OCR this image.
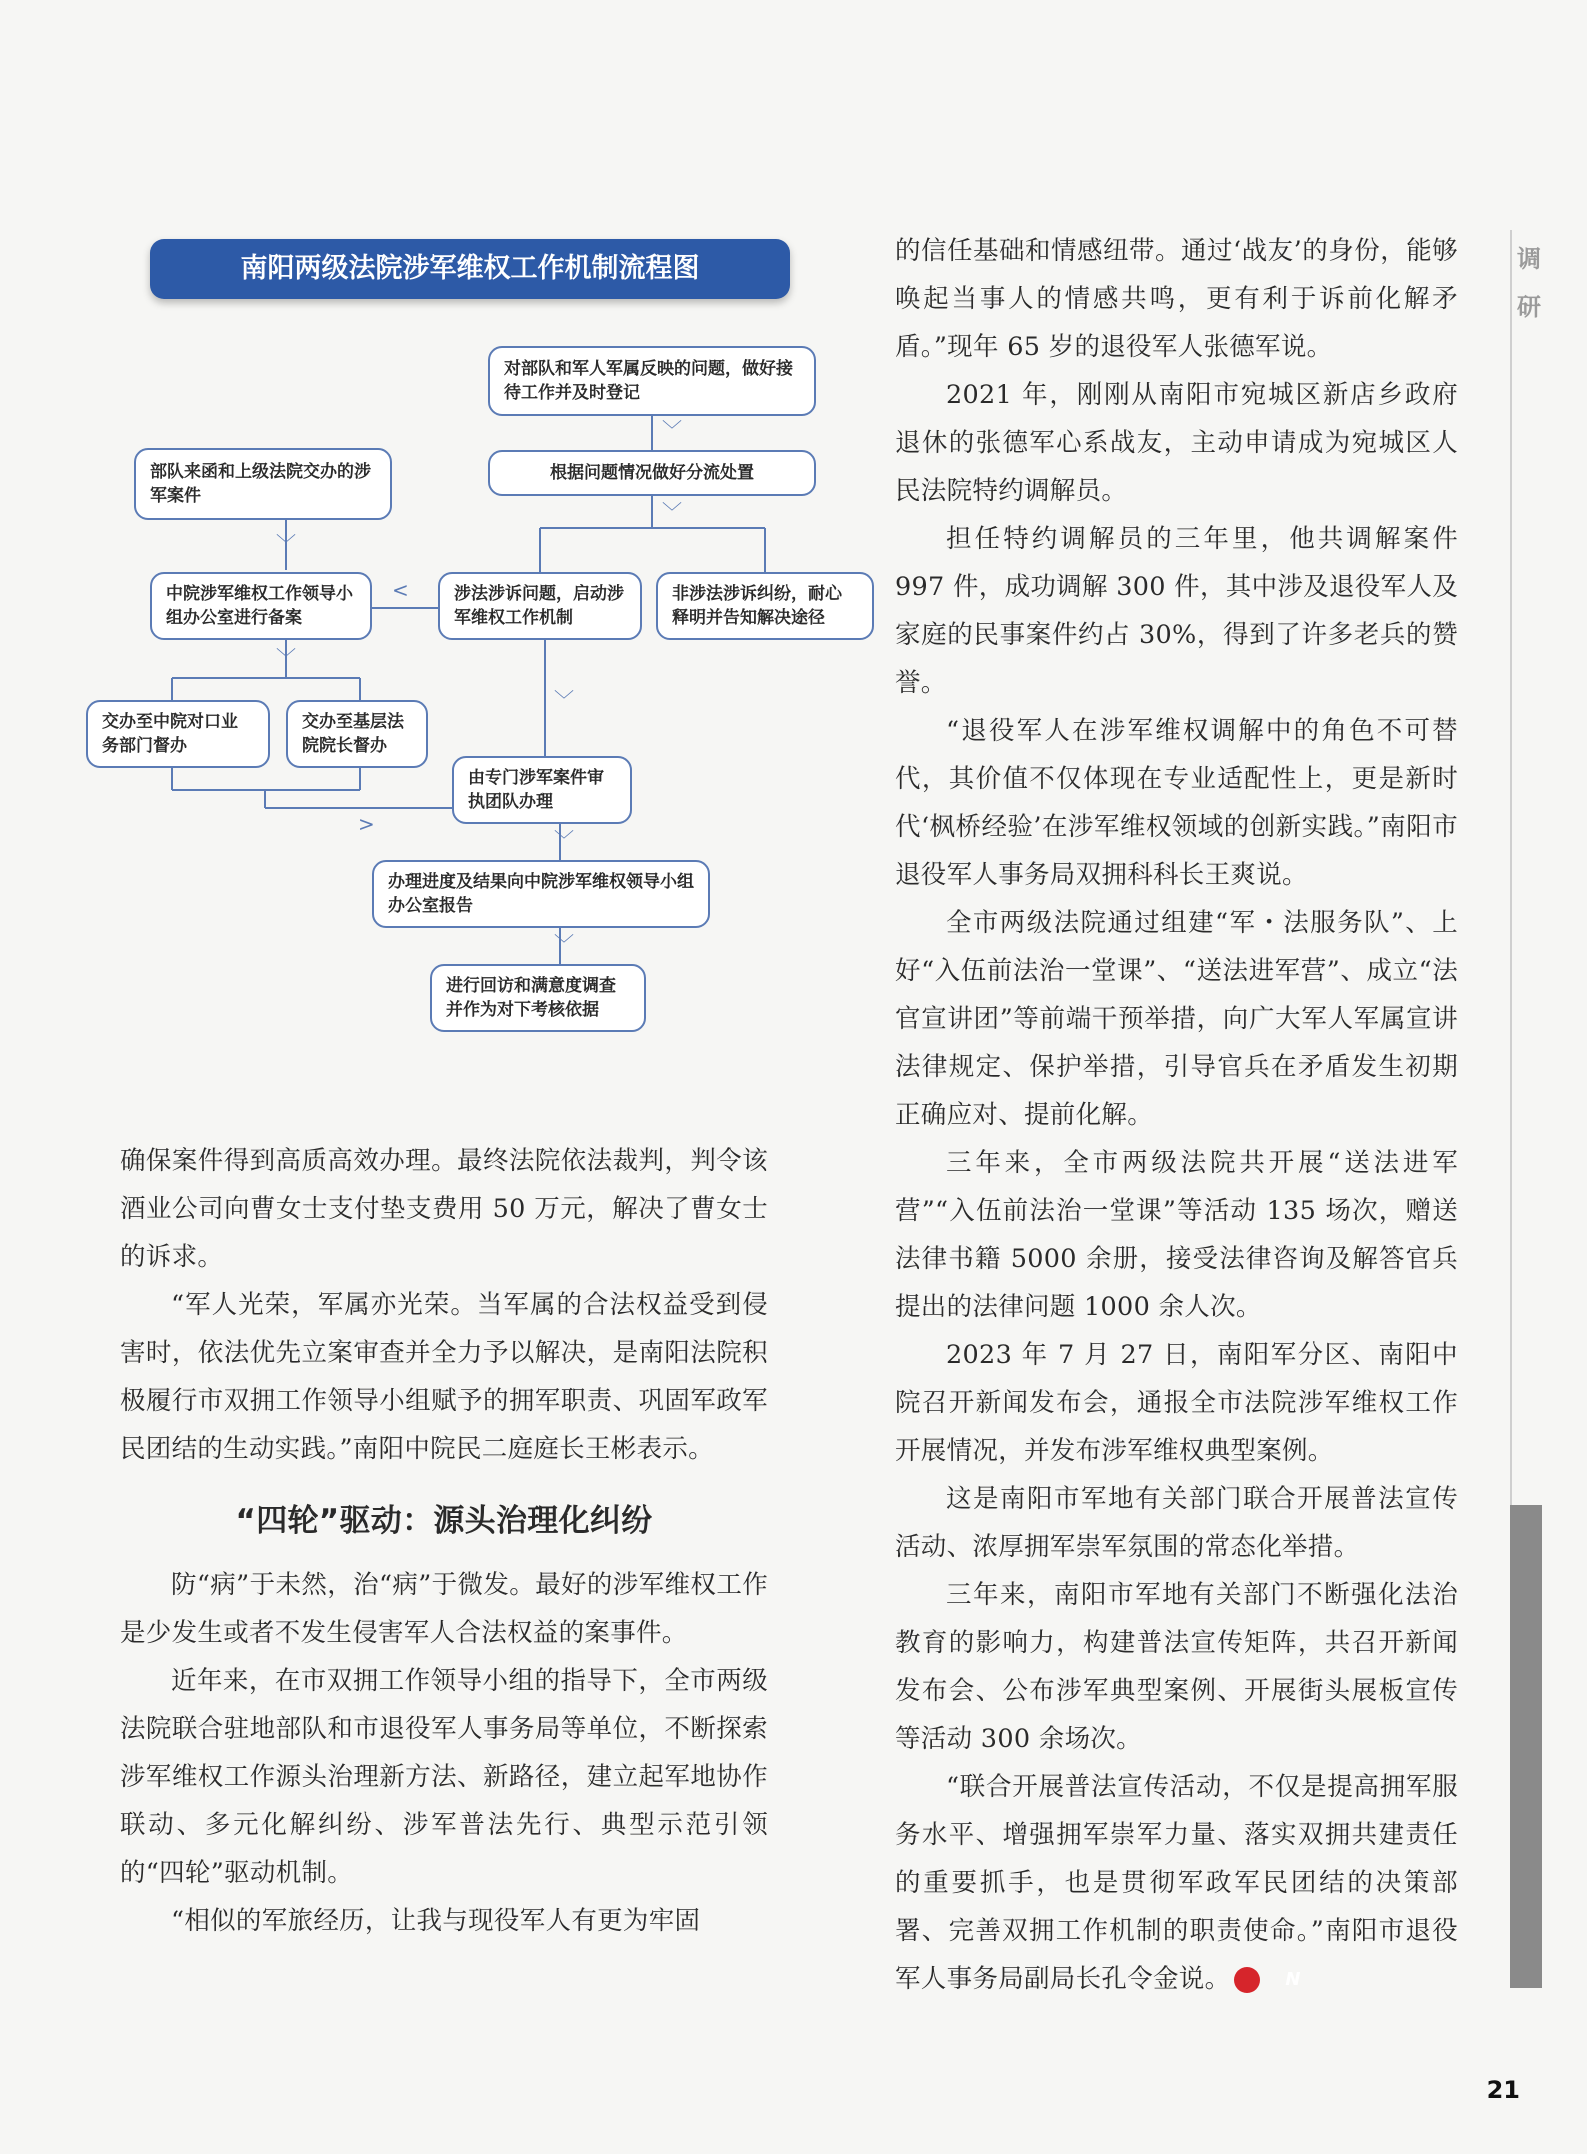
南阳两级法院涉军维权工作机制流程图
对部队和军人军属反映的问题，做好接待工作并及时登记
部队来函和上级法院交办的涉军案件
根据问题情况做好分流处置
中院涉军维权工作领导小组办公室进行备案
涉法涉诉问题，启动涉军维权工作机制
非涉法涉诉纠纷，耐心释明并告知解决途径
交办至中院对口业务部门督办
交办至基层法院院长督办
由专门涉军案件审执团队办理
办理进度及结果向中院涉军维权领导小组办公室报告
进行回访和满意度调查并作为对下考核依据
﹀
﹀
﹀
<
﹀
﹀
>
﹀
﹀

确保案件得到高质高效办理。最终法院依法裁判，判令该酒业公司向曹女士支付垫支费用 50 万元，解决了曹女士的诉求。

“军人光荣，军属亦光荣。当军属的合法权益受到侵害时，依法优先立案审查并全力予以解决，是南阳法院积极履行市双拥工作领导小组赋予的拥军职责、巩固军政军民团结的生动实践。”南阳中院民二庭庭长王彬表示。

“四轮”驱动：源头治理化纠纷

防“病”于未然，治“病”于微发。最好的涉军维权工作是少发生或者不发生侵害军人合法权益的案事件。

近年来，在市双拥工作领导小组的指导下，全市两级法院联合驻地部队和市退役军人事务局等单位，不断探索涉军维权工作源头治理新方法、新路径，建立起军地协作联动、多元化解纠纷、涉军普法先行、典型示范引领的“四轮”驱动机制。

“相似的军旅经历，让我与现役军人有更为牢固

的信任基础和情感纽带。通过‘战友’的身份，能够唤起当事人的情感共鸣，更有利于诉前化解矛盾。”现年 65 岁的退役军人张德军说。

2021 年，刚刚从南阳市宛城区新店乡政府退休的张德军心系战友，主动申请成为宛城区人民法院特约调解员。

担任特约调解员的三年里，他共调解案件 997 件，成功调解 300 件，其中涉及退役军人及家庭的民事案件约占 30%，得到了许多老兵的赞誉。

“退役军人在涉军维权调解中的角色不可替代，其价值不仅体现在专业适配性上，更是新时代‘枫桥经验’在涉军维权领域的创新实践。”南阳市退役军人事务局双拥科科长王爽说。

全市两级法院通过组建“军・法服务队”、上好“入伍前法治一堂课”、“送法进军营”、成立“法官宣讲团”等前端干预举措，向广大军人军属宣讲法律规定、保护举措，引导官兵在矛盾发生初期正确应对、提前化解。

三年来，全市两级法院共开展“送法进军营”“入伍前法治一堂课”等活动 135 场次，赠送法律书籍 5000 余册，接受法律咨询及解答官兵提出的法律问题 1000 余人次。

2023 年 7 月 27 日，南阳军分区、南阳中院召开新闻发布会，通报全市法院涉军维权工作开展情况，并发布涉军维权典型案例。

这是南阳市军地有关部门联合开展普法宣传活动、浓厚拥军崇军氛围的常态化举措。

三年来，南阳市军地有关部门不断强化法治教育的影响力，构建普法宣传矩阵，共召开新闻发布会、公布涉军典型案例、开展街头展板宣传等活动 300 余场次。

“联合开展普法宣传活动，不仅是提高拥军服务水平、增强拥军崇军力量、落实双拥共建责任的重要抓手，也是贯彻军政军民团结的决策部署、完善双拥工作机制的职责使命。”南阳市退役军人事务局副局长孔令金说。	N

调
研
21
